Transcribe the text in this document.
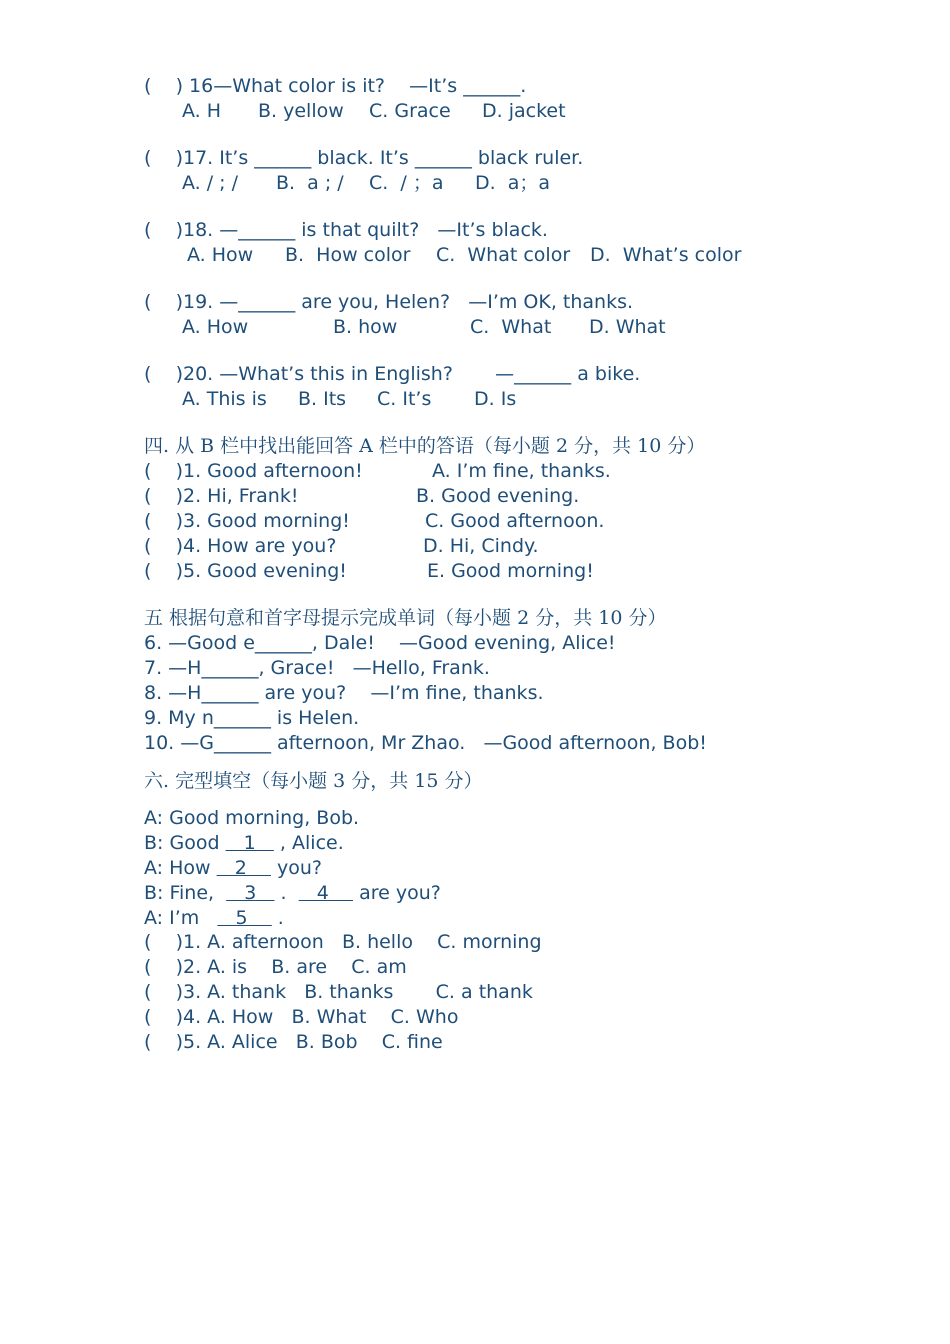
(    ) 16—What color is it?    —It’s ______.
A. H B. yellow C. Grace D. jacket
(    )17. It’s ______ black. It’s ______ black ruler.
A. / ; / B.  a ; / C.  / ；a D.  a；a
(    )18. —______ is that quilt?   —It’s black.
A. How B.  How color C.  What color D.  What’s color
(    )19. —______ are you, Helen?   —I’m OK, thanks.
A. How	B. how	C.  What D. What
(    )20. —What’s this in English?       —______ a bike.
A. This is B. Its C. It’s D. Is
四. 从 B 栏中找出能回答 A 栏中的答语（每小题 2 分，共 10 分）
(    )1. Good afternoon!	A. I’m fine, thanks.
(    )2. Hi, Frank!	B. Good evening.
(    )3. Good morning!	C. Good afternoon.
(    )4. How are you?	D. Hi, Cindy.
(    )5. Good evening!	E. Good morning!
五 根据句意和首字母提示完成单词（每小题 2 分，共 10 分）
6. —Good e______, Dale!    —Good evening, Alice!
7. —H______, Grace!   —Hello, Frank.
8. —H______ are you?    —I’m fine, thanks.
9. My n______ is Helen.
10. —G______ afternoon, Mr Zhao.   —Good afternoon, Bob!
六. 完型填空（每小题 3 分，共 15 分）
A: Good morning, Bob.
B: Good    1    , Alice.
A: How    2     you?
B: Fine,     3    .     4     are you?
A: I’m      5     .
(    )1. A. afternoon   B. hello    C. morning
(    )2. A. is    B. are    C. am
(    )3. A. thank   B. thanks       C. a thank
(    )4. A. How   B. What    C. Who
(    )5. A. Alice   B. Bob    C. fine
